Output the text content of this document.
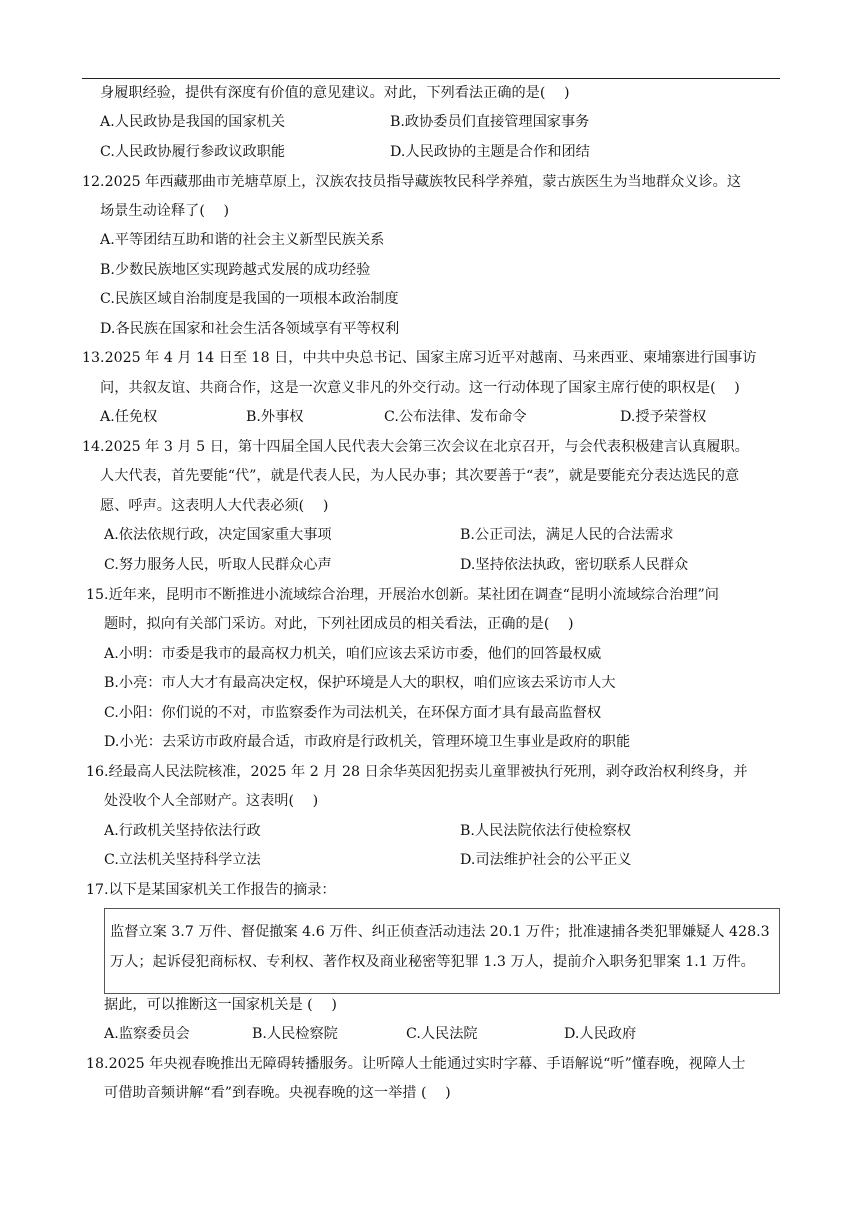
身履职经验，提供有深度有价值的意见建议。对此，下列看法正确的是(　 )
A.人民政协是我国的国家机关	B.政协委员们直接管理国家事务
C.人民政协履行参政议政职能	D.人民政协的主题是合作和团结
12.2025 年西藏那曲市羌塘草原上，汉族农技员指导藏族牧民科学养殖，蒙古族医生为当地群众义诊。这
场景生动诠释了(　 )
A.平等团结互助和谐的社会主义新型民族关系
B.少数民族地区实现跨越式发展的成功经验
C.民族区域自治制度是我国的一项根本政治制度
D.各民族在国家和社会生活各领域享有平等权利
13.2025 年 4 月 14 日至 18 日，中共中央总书记、国家主席习近平对越南、马来西亚、柬埔寨进行国事访
问，共叙友谊、共商合作，这是一次意义非凡的外交行动。这一行动体现了国家主席行使的职权是(　 )
A.任免权	B.外事权	C.公布法律、发布命令	D.授予荣誉权
14.2025 年 3 月 5 日，第十四届全国人民代表大会第三次会议在北京召开，与会代表积极建言认真履职。
人大代表，首先要能“代”，就是代表人民，为人民办事；其次要善于“表”，就是要能充分表达选民的意
愿、呼声。这表明人大代表必须(　 )
A.依法依规行政，决定国家重大事项	B.公正司法，满足人民的合法需求
C.努力服务人民，听取人民群众心声	D.坚持依法执政，密切联系人民群众
15.近年来，昆明市不断推进小流域综合治理，开展治水创新。某社团在调查“昆明小流域综合治理”问
题时，拟向有关部门采访。对此，下列社团成员的相关看法，正确的是(　 )
A.小明：市委是我市的最高权力机关，咱们应该去采访市委，他们的回答最权威
B.小亮：市人大才有最高决定权，保护环境是人大的职权，咱们应该去采访市人大
C.小阳：你们说的不对，市监察委作为司法机关，在环保方面才具有最高监督权
D.小光：去采访市政府最合适，市政府是行政机关，管理环境卫生事业是政府的职能
16.经最高人民法院核准，2025 年 2 月 28 日余华英因犯拐卖儿童罪被执行死刑，剥夺政治权利终身，并
处没收个人全部财产。这表明(　 )
A.行政机关坚持依法行政	B.人民法院依法行使检察权
C.立法机关坚持科学立法	D.司法维护社会的公平正义
17.以下是某国家机关工作报告的摘录：
监督立案 3.7 万件、督促撤案 4.6 万件、纠正侦查活动违法 20.1 万件；批准逮捕各类犯罪嫌疑人 428.3
万人；起诉侵犯商标权、专利权、著作权及商业秘密等犯罪 1.3 万人，提前介入职务犯罪案 1.1 万件。
据此，可以推断这一国家机关是 (　 )
A.监察委员会	B.人民检察院	C.人民法院	D.人民政府
18.2025 年央视春晚推出无障碍转播服务。让听障人士能通过实时字幕、手语解说“听”懂春晚，视障人士
可借助音频讲解“看”到春晚。央视春晚的这一举措 (　 )
